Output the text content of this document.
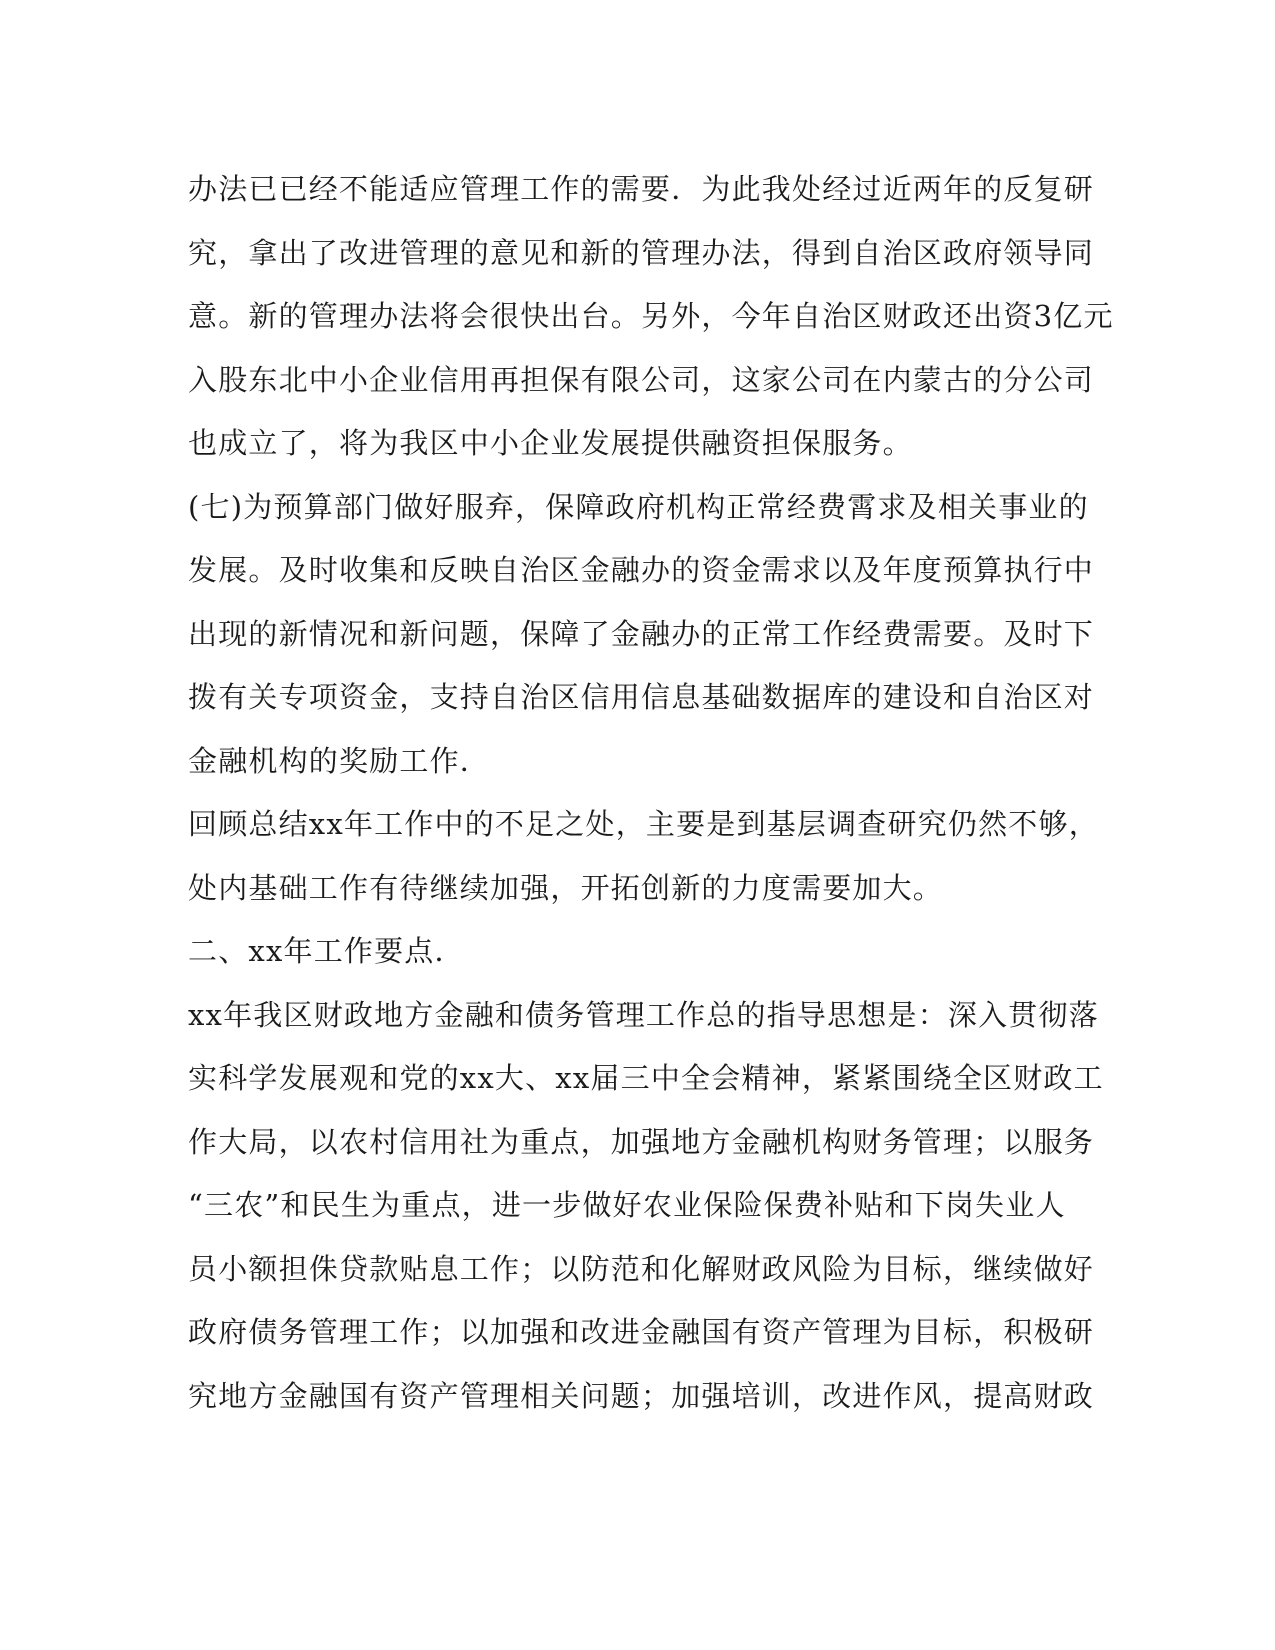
办法已已经不能适应管理工作的需要．为此我处经过近两年的反复研
究，拿出了改进管理的意见和新的管理办法，得到自治区政府领导同
意。新的管理办法将会很快出台。另外，今年自治区财政还出资3亿元
入股东北中小企业信用再担保有限公司，这家公司在内蒙古的分公司
也成立了，将为我区中小企业发展提供融资担保服务。
(七)为预算部门做好服弃，保障政府机构正常经费霄求及相关事业的
发展。及时收集和反映自治区金融办的资金需求以及年度预算执行中
出现的新情况和新问题，保障了金融办的正常工作经费需要。及时下
拨有关专项资金，支持自治区信用信息基础数据库的建设和自治区对
金融机构的奖励工作．
回顾总结xx年工作中的不足之处，主要是到基层调查研究仍然不够，
处内基础工作有待继续加强，开拓创新的力度需要加大。
二、xx年工作要点．
xx年我区财政地方金融和债务管理工作总的指导思想是：深入贯彻落
实科学发展观和党的xx大、xx届三中全会精神，紧紧围绕全区财政工
作大局，以农村信用社为重点，加强地方金融机构财务管理；以服务
“三农”和民生为重点，进一步做好农业保险保费补贴和下岗失业人
员小额担侏贷款贴息工作；以防范和化解财政风险为目标，继续做好
政府债务管理工作；以加强和改进金融国有资产管理为目标，积极研
究地方金融国有资产管理相关问题；加强培训，改进作风，提高财政
